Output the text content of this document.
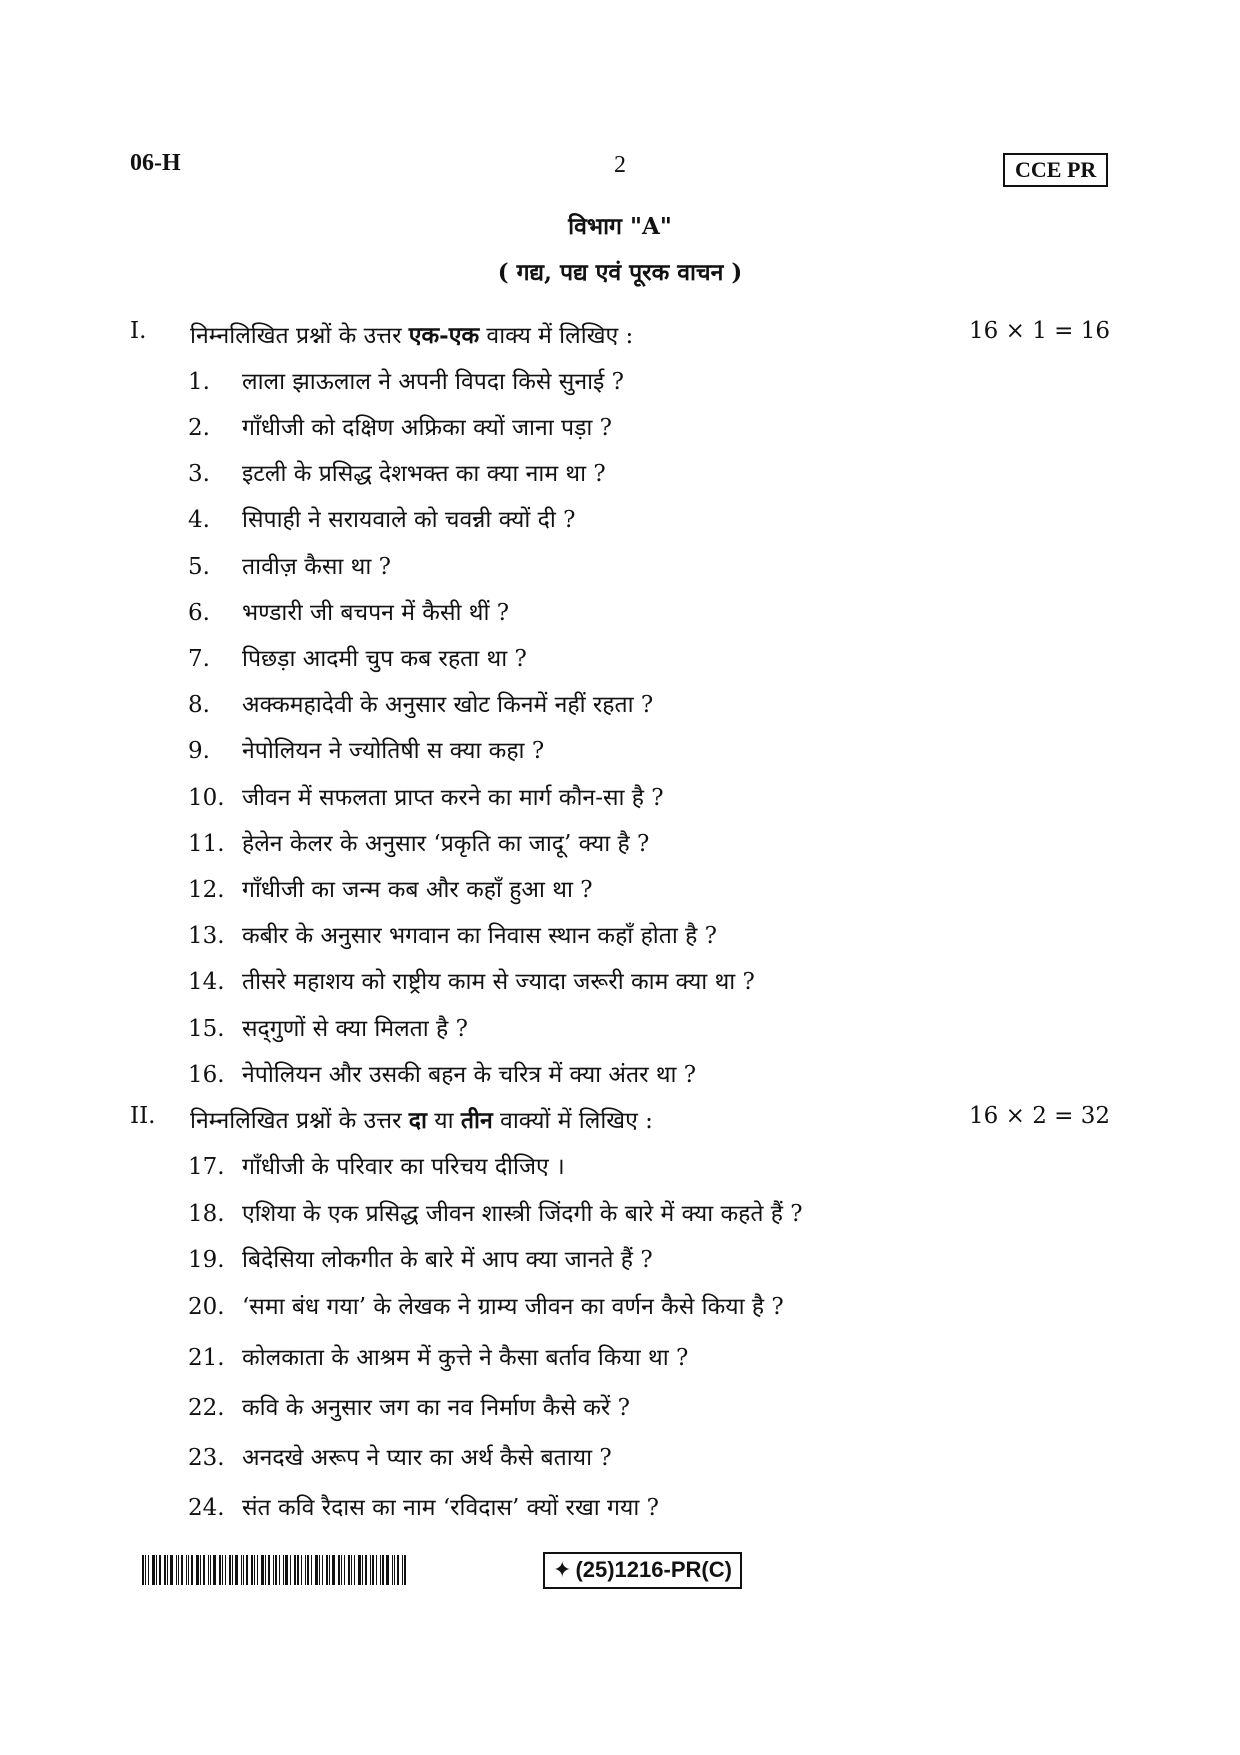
06-H	2	CCE PR
विभाग "A"
( गद्य, पद्य एवं पूरक वाचन )
I. निम्नलिखित प्रश्नों के उत्तर एक-एक वाक्य में लिखिए :	16 × 1 = 16
1. लाला झाऊलाल ने अपनी विपदा किसे सुनाई ?
2. गाँधीजी को दक्षिण अफ्रिका क्यों जाना पड़ा ?
3. इटली के प्रसिद्ध देशभक्त का क्या नाम था ?
4. सिपाही ने सरायवाले को चवन्नी क्यों दी ?
5. तावीज़ कैसा था ?
6. भण्डारी जी बचपन में कैसी थीं ?
7. पिछड़ा आदमी चुप कब रहता था ?
8. अक्कमहादेवी के अनुसार खोट किनमें नहीं रहता ?
9. नेपोलियन ने ज्योतिषी स क्या कहा ?
10. जीवन में सफलता प्राप्त करने का मार्ग कौन-सा है ?
11. हेलेन केलर के अनुसार ‘प्रकृति का जादू’ क्या है ?
12. गाँधीजी का जन्म कब और कहाँ हुआ था ?
13. कबीर के अनुसार भगवान का निवास स्थान कहाँ होता है ?
14. तीसरे महाशय को राष्ट्रीय काम से ज्यादा जरूरी काम क्या था ?
15. सद्‌गुणों से क्या मिलता है ?
16. नेपोलियन और उसकी बहन के चरित्र में क्या अंतर था ?
II. निम्नलिखित प्रश्नों के उत्तर दा या तीन वाक्यों में लिखिए :	16 × 2 = 32
17. गाँधीजी के परिवार का परिचय दीजिए ।
18. एशिया के एक प्रसिद्ध जीवन शास्त्री जिंदगी के बारे में क्या कहते हैं ?
19. बिदेसिया लोकगीत के बारे में आप क्या जानते हैं ?
20. ‘समा बंध गया’ के लेखक ने ग्राम्य जीवन का वर्णन कैसे किया है ?
21. कोलकाता के आश्रम में कुत्ते ने कैसा बर्ताव किया था ?
22. कवि के अनुसार जग का नव निर्माण कैसे करें ?
23. अनदखे अरूप ने प्यार का अर्थ कैसे बताया ?
24. संत कवि रैदास का नाम ‘रविदास’ क्यों रखा गया ?
✦ (25)1216-PR(C)
